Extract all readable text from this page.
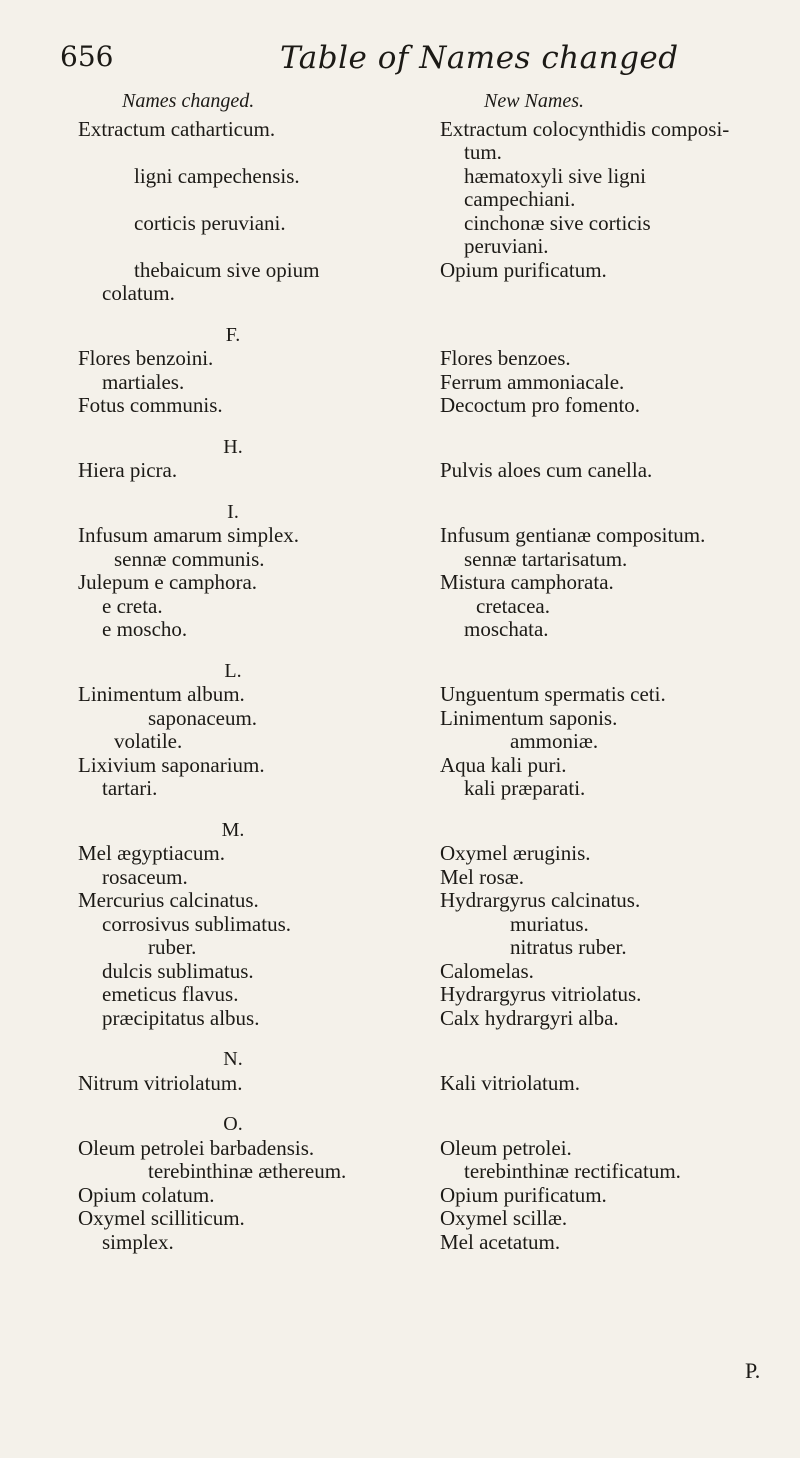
656	Table of Names changed
Names changed.
Extractum catharticum.
ligni campechensis.
corticis peruviani.
thebaicum sive opium
colatum.
F.
Flores benzoini.
martiales.
Fotus communis.
H.
Hiera picra.
I.
Infusum amarum simplex.
sennæ communis.
Julepum e camphora.
e creta.
e moscho.
L.
Linimentum album.
saponaceum.
volatile.
Lixivium saponarium.
tartari.
M.
Mel ægyptiacum.
rosaceum.
Mercurius calcinatus.
corrosivus sublimatus.
ruber.
dulcis sublimatus.
emeticus flavus.
præcipitatus albus.
N.
Nitrum vitriolatum.
O.
Oleum petrolei barbadensis.
terebinthinæ æthereum.
Opium colatum.
Oxymel scilliticum.
simplex.
New Names.
Extractum colocynthidis composi-
tum.
hæmatoxyli sive ligni
campechiani.
cinchonæ sive corticis
peruviani.
Opium purificatum.
Flores benzoes.
Ferrum ammoniacale.
Decoctum pro fomento.
Pulvis aloes cum canella.
Infusum gentianæ compositum.
sennæ tartarisatum.
Mistura camphorata.
cretacea.
moschata.
Unguentum spermatis ceti.
Linimentum saponis.
ammoniæ.
Aqua kali puri.
kali præparati.
Oxymel æruginis.
Mel rosæ.
Hydrargyrus calcinatus.
muriatus.
nitratus ruber.
Calomelas.
Hydrargyrus vitriolatus.
Calx hydrargyri alba.
Kali vitriolatum.
Oleum petrolei.
terebinthinæ rectificatum.
Opium purificatum.
Oxymel scillæ.
Mel acetatum.
P.
